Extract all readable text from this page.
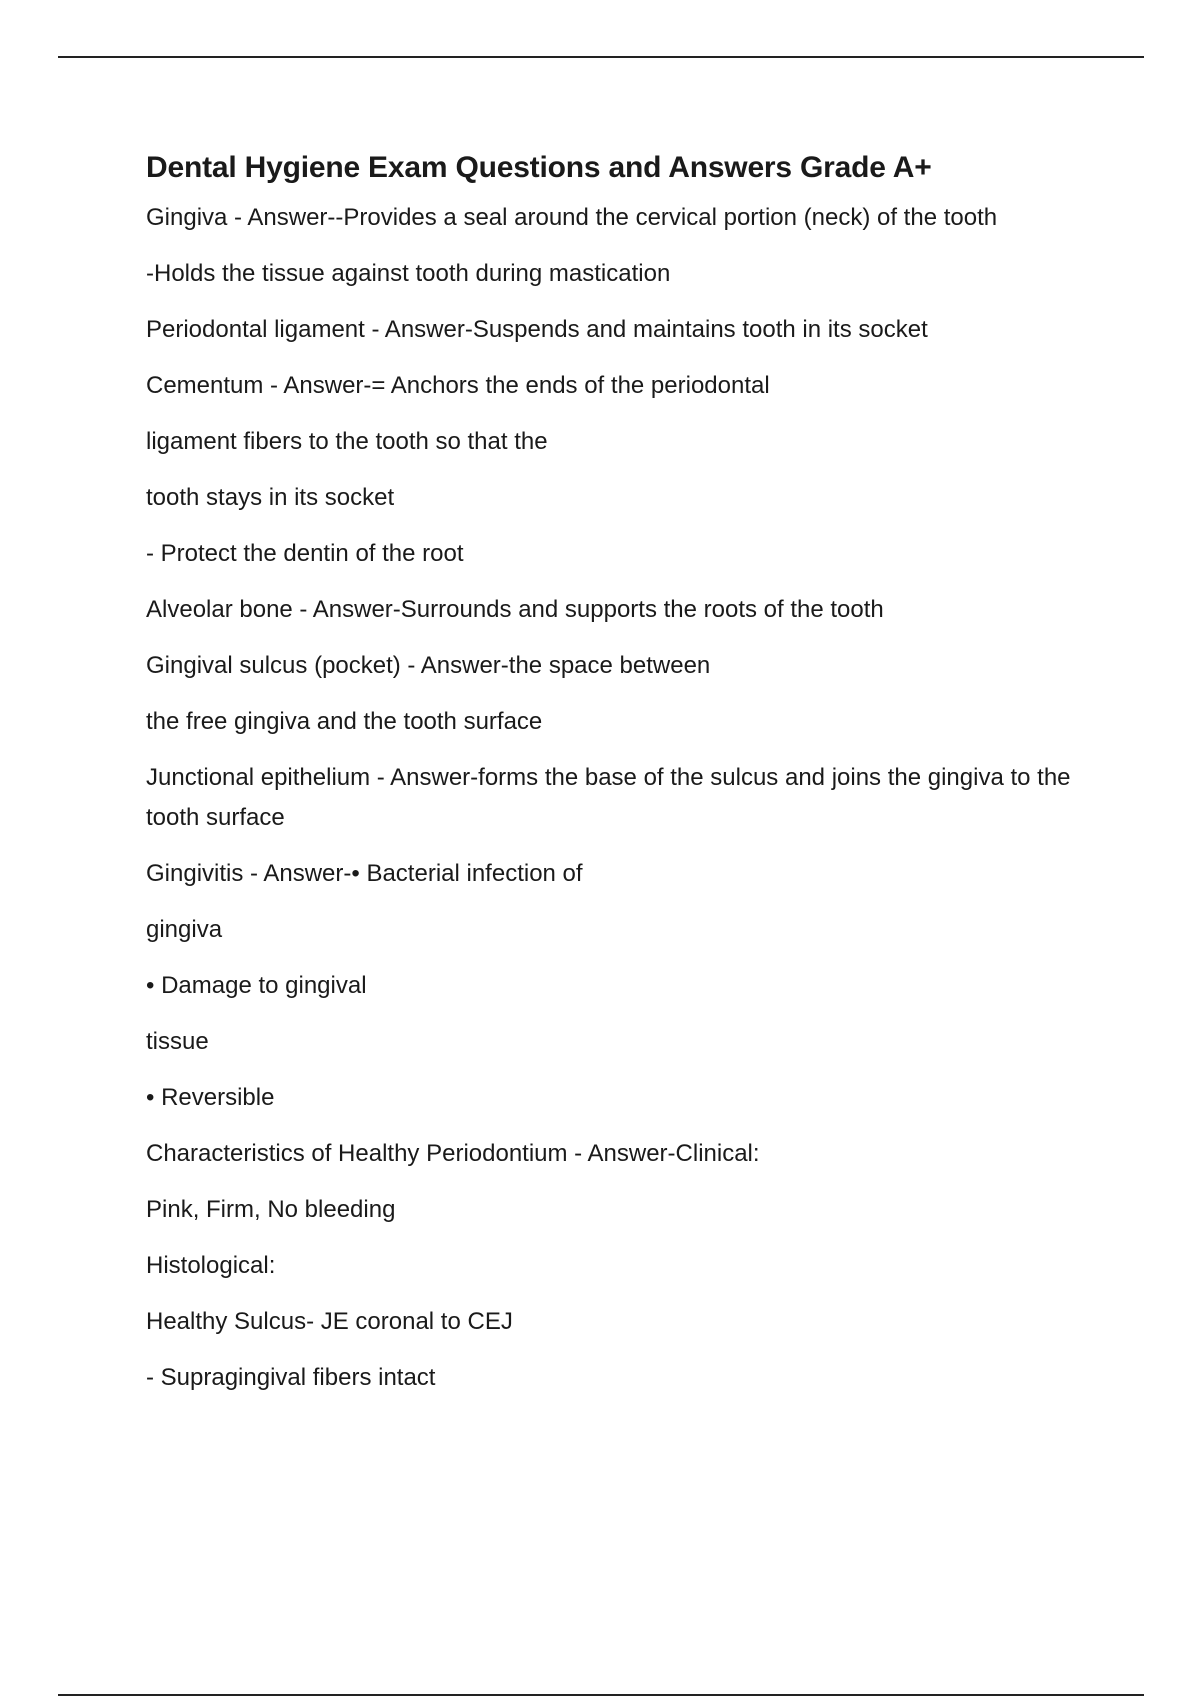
Dental Hygiene Exam Questions and Answers Grade A+

Gingiva - Answer--Provides a seal around the cervical portion (neck) of the tooth

-Holds the tissue against tooth during mastication

Periodontal ligament - Answer-Suspends and maintains tooth in its socket

Cementum - Answer-= Anchors the ends of the periodontal

ligament fibers to the tooth so that the

tooth stays in its socket

- Protect the dentin of the root

Alveolar bone - Answer-Surrounds and supports the roots of the tooth

Gingival sulcus (pocket) - Answer-the space between

the free gingiva and the tooth surface

Junctional epithelium - Answer-forms the base of the sulcus and joins the gingiva to the tooth surface

Gingivitis - Answer-• Bacterial infection of

gingiva

• Damage to gingival

tissue

• Reversible

Characteristics of Healthy Periodontium - Answer-Clinical:

Pink, Firm, No bleeding

Histological:

Healthy Sulcus- JE coronal to CEJ

- Supragingival fibers intact
